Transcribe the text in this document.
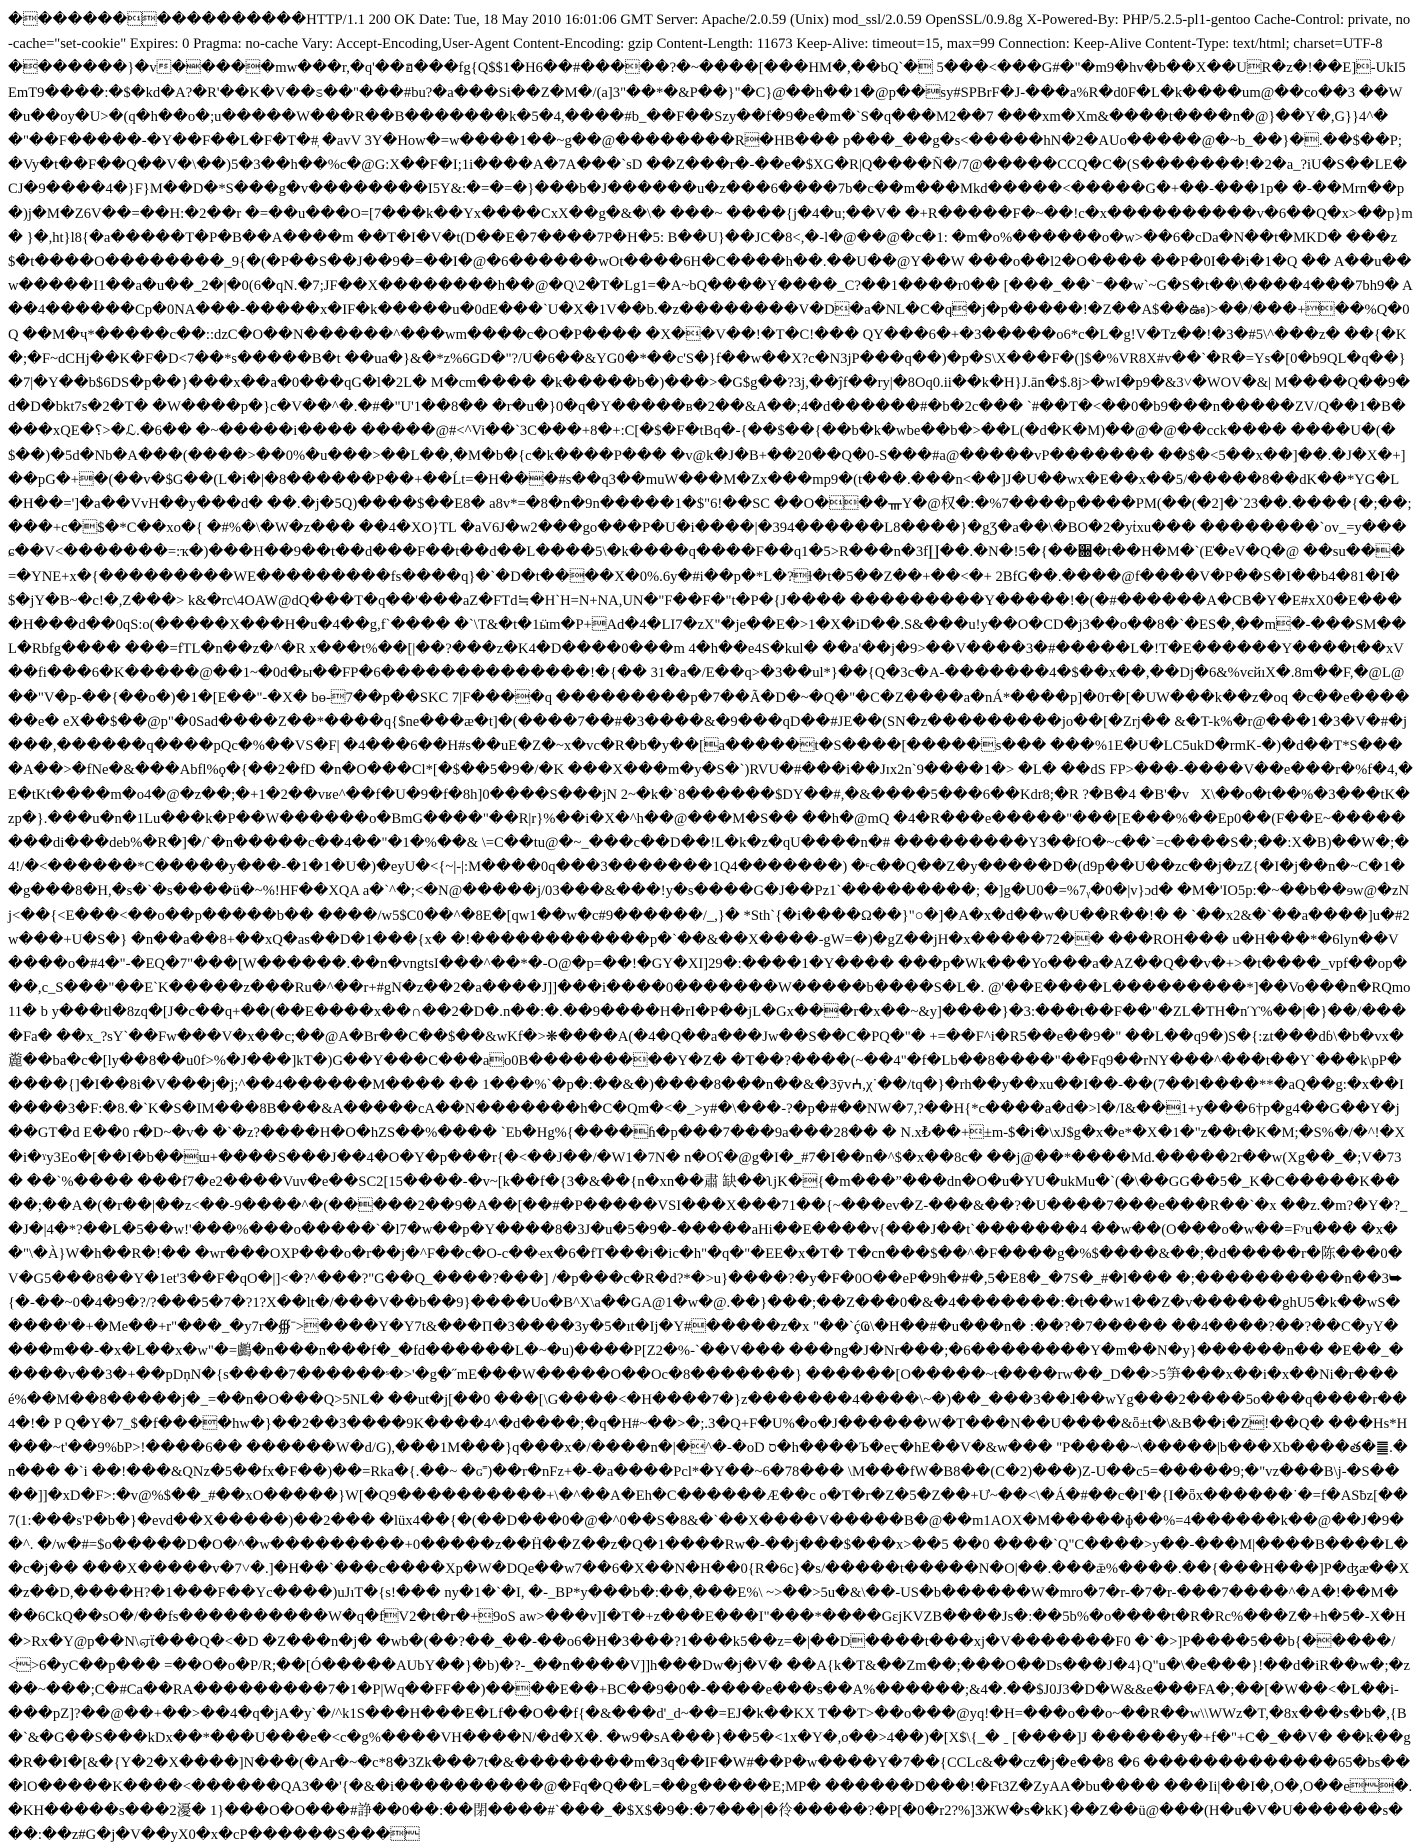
�����������������HTTP/1.1 200 OK Date: Tue, 18 May 2010 16:01:06 GMT Server: Apache/2.0.59 (Unix) mod_ssl/2.0.59 OpenSSL/0.9.8g X-Powered-By: PHP/5.2.5-pl1-gentoo Cache-Control: private, no-cache="set-cookie" Expires: 0 Pragma: no-cache Vary: Accept-Encoding,User-Agent Content-Encoding: gzip Content-Length: 11673 Keep-Alive: timeout=15, max=99 Connection: Keep-Alive Content-Type: text/html; charset=UTF-8 �������}�v�����mw���r,�q'��ฮ���fg{Q$$1�H6��#�����?�~����[���HM�,��bQ`� 5���<���G#�"�m9�hv�b��X��UR�z�!��E]-UkI5EmT9����:�$�kd�A?�R'��K�V��ಽ��"���#bu?�a���Si��Z�M�/(a]3"��*�&P��}"�C}@��h��1�@p��sy#SPBrF�J-���a%R�d0F�L�k����um@��co��3 ��W�u��oy�U>�(q�h��o�;u�����W���R��B�������k�5�4,����#b_��F��Szy��f�9�e�m�`S�q���M2��7 ���xm�Xm&����t����n�@}��Y�,G}}4^� �"��F�����-�Y��F��L�F�T�#ְ �avV 3Y�How�=w����1��~g��@��������R�HB��� p���_��g�s<�����hN�2�AUo�����@�~b_��}�.��$��P;�Vy�t��F��Q��V�\��)5�3��h��%c�@G:X��F�I;1i����A�7A���`sD ��Z���r�-��e�$XG�R|Q����Ñ�/7@�����CCQ�C�(S�������!�2�a_?iU�S��LE�CJ�9����4�}F}M��D�*S���g�v��������I5Y&:�=�=�}���b�J������u�z���6����7b�c��m���Mkd�����<�����G�+��-���1p� �-��Mrn��p�)j�M�Z6V��=��H:�2��r �=��u���O=[7���k��Yx����CxX��g�&�\� ���~ ����{j�4�u;��V� �+R�����F�~��!c�x����������v�6��Q�x>��p}m� }�,ht}l8{�a�����T�P�B��A����m ��T�I�V�t(D��E�7����7P�H�5: B��U}��JC�8<,�-l�@��@�c�1: �m�o%������o�w>��6�cDa�N��t�MKD� ���z$�t����O��������_9{�(�P��S��J��9�=��I�@�6������wOt����6H�C����h��.��U��@Y��W ���o��l2�O���� ��P�0I��i�1�Q �� A��u��w�����I1��a�u��_2�|�0(6�qN.�7;JF��X��������h��@�Q\2�T�Lg1=�A~bQ����Y����_C?��1����r0�� [���_��`⁻��w`~G�S�t��\����4���7bh9� A��4������Cp�0NA���-�����x�IF�k�����u�0dE���`U�X�1V��b.�z��������V�D�a�NL�C�q�j�p�����!�Z��A$��ఊ)>��/���+��%Q�0Q ��M�ҷ*�����c��::dzC�O��N������^���wm����c�O�P���� �X��V��!�T�C!��� QY���6�+�3�����o6*c�L�g!V�Tz��!�3�#5\^���z� ��{�K�;�F~dCHj��K�F�D<7��*s�����B�t ��ua�}&�*z%6GD�"?/U�6��&YG0�*��c'S�}f��w��X?c�N3jP���q��)�p�S\X���F�(]$�%VR8X#v��`�R�=Ys�[0�b9QL�q��}�7|�Y��b$6DS�p��}���x��a�0���qG�l�2L� M�cm���� �k�����b�)���>�G$g��?3j,��ĵf��ry|�8Oq0.ii��k�H}J.ān�$.8j>�wI�p9�&3˅�WOV�&| M����Q��9�d�D�bkt7s�2�T� �W����p�}c�V��^�.�#�"U'1��8�� �r�u�}0�q�Y�����в�2��&A��;4�d������#�b�2c��� `#��T�<��0�b9���n�����ZV/Q��1�B� ���xQE�؟>�ℒ.�6�� �~�����i���� �����@#<^Vi��`3C���+8�+:C[�$�F�tBq�-{��$��{��b�k�wbe��b�>��L(�d�K�M)��@�@��cck���� ����U�(�$��)�5d�Nb�A���(����>��0%�u���>��L��,�M�b�{c�k����P��� �v@k�J�B+��20��Q�0-S���#a@�����vP������� ��$�<5��x��]��.�J�X�+]��pG�+�(��v�$G��(L�i�|�8������P��+��Ĺt=�H���#s��q3��muW���M�Zx���mp9�(t���.���n<��]J�U��wx�E��x��5/�����8��dK��*YG�L�H��=']�a��VvH��y���d� ��.�j�5Q)����$��E8� a8v*=�8�n�9n�����1�$"6!��SC ��O���ᚃY�@权�:�%7����p����PM(��(�2]�`23��.����{�;��;���+c�$�*C��xo�{ �#%�\�W�z��� ��4�XO}TL �aV6J�w2���go���P�U�i����|�394������L8����}�gƷ�a��\�BO�2�yṫxu��� ��������`ov_=y���ɕ��V<�������=:ҡ�)���H��9��t��d���F��t��d��L����5\�k����q����F��q1�5>R���n�3f∐��.�N�!5�{��਀�t��H�M�`(E̍�eV�Q�@ ��su���=�YNE+x�{���������WE���������fs����q}�`�D�t����X�0%.6y�#i��p�*L�?ͦɫ�t�5��Z��+��<�+ 2BfG��.����@f����V�P��S�I��b4�81�I�$�jY�B~�c!�,Z���> k&�rc\4OAW@dQ���T�q��'���aZ�FTd≒�H`H=N+NA,UN�"F��F�"t�P�{J���� ���������Y�����!�(�#������A�CB�Y�E#xX0�E����H���d��0qS:o(�����X���H�u�4��g,f`���� �`\T&�t�1ӹm�P+Ad�4�LI7�zX"�je��E�>1�X�iD��.S&���u!y��O�CD�j3��o��8�`�ES�,��m�-���SM��L�Rbfg���� ���=fTL�n��z�^�R x���t%��[|��?���z�K4�D����0���m 4�h��e4S�kul� ��a'��j�9>��V����3�#�����L�!T�E������Y����t��xV��fi���6�K�����@��1~�0d�ы��FP�6��������������!�{�� 31�a�/E��q>�3��ul*}��{Q�3c�A-�������4�$��x��,��Dj�6&%vєйıX�.8m��F,�@L@��"V�p-��{��o�)�1�[E��"-�X� bɵ-7��p��SKC 7|F����q ���������p�7��Ã�D�~�Q�"�C�Z����a�nÁ*����p]�0ᴛ�[�UW���k��z�oq �c��e������e� eX��$��@p"�0Sad����Z��*����q{$ne���æ�t]�(����7��#�3����&�9���qD��#JE��(SN�z���������jo��[�Zrj�� &�T-k%�r@���1�3�V�#�j���,������q����pQc�%��VS�F| �4���6��H#s��uE�Z�~x�vc�R�b�y��[a�����t�S����[�����s��� ���%1E�U�LC5ukD�rmK-�)�d��T*S����A��>�fNe�&���Abfl%ϙ�{��2�fD �n�O���Cl*[�$��5�9�/�K ���X���m�y�S�`)RVU�#���i��Jɪx2n`9����1�> �L� ��dS FP>���-����V��e���r�%f�4,�E�tKt����m�o4�@�z��;�+1�2��vʁe^��f�U�9�f�8h]0����S���jN 2~�k�`8������$DY��#,�&����5���6��Kdr8;�R ?�B�4 �B'�vᷰX\��o�t��%�3���tK�zp�}.���u�n�1Lu���k�P��W������o�BmG����"��R|r}%��i�X�^h��@���M�S�� ��h�@mQ �4�R���e�����"���[E���%��Ep0��(F��E~��������di���deb%�R�]�/`�n�����c��4��"�1�%��& \=Ϲ��tu@�~_���c��D��!L�k�z�qU����n�# ���������Y3��fO�~c��`=c����S�;��:X�B)��W�;�4!/�<������*C�����y���-�1�1�U�)�eyU�<{~|-|:M����0q���3�������1Q4�������) �ᶝc��Q��Z�y�����D�(d9p��U��zc��j�ᴢZ{�I�j��n�~C�1��g���8�H,�s�`�s����ü�~%!HF��XQA a�`^�;<�N@�����j/03���&���!y�s����G�J��Pz1`���������; �]g�U0�=%7ᵧ�0�|v}ɔd� �M�'IO5p:�~��b��ɘw@�zNj<��{<E���<��o��p�����b�� ����/w5$C0��^�8E�[qw1��w�c#9������/_,}� *Sth`{�i����Ω��}"○�]�A�x�d��w�U��R��!� � `��x2&�`��a����]u�#2w���+U�S�} �n��a��8+��xQ�as��D�1���{x� �!������������p�`��&��X����-gW=�)�gZ��jH�x�����72�� ���ROH��� u�H���*�6lyn��V����o�#4�"-�EQ�7"���[W������.��n�vngtsI���^��*�-O@�p=��!�GY�XI]29�:����1�Y���� ���p�Wk���Yo���a�AZ��Q��v�+>�t����_vpf��op���,c_S���"��E`K�����z���Ru�^��r+#gN�z��2�a����J]]���i����0�������W�����b����S�L�. @'��E����L���������*]��Vo���n�RQmo11� b y���tl�8zq�[J�c��q+��(��E����x��∩��2�D�.n��:�.��9����H�rI�P��jL�Gx���r�x��~&y]����}�3:���t��F��"�ZL�TH�nϓ%��|�}��/����Fa� ��x_?sY`��Fw���V�x��c;��@A�Br��C��$��&wKf�>❋����A(�4�Q��a���Jw��S��C�PQ�"� +=��F^i�R5��e��9�" ��L��q9�)S�{:ʑt���dɓ\�b�vx�麊��ba�c�[ly��8��u0f>%�J���]kT�)G��Y���C���ao0B���������Y�Z� �T��?����(~��4"�f�Lb��8����"��Fq9��rNY���^���t��Y`���k\pP�����{]�I��8i�V���j�j;^��4������M���� �� 1���%`�p�:��&�)����8���n��&�3ȳvⵄ,χ˙��/tq�}�rh��y��xu��I��-��(7��l����**�aQ��g:�x��I����3�F:�8.�`K�S�IM���8B���&A�����cA��N�������h�C�Qm�<�_>y#�\���-?�p�#��NW�7,?��H{*c����a�d�>l�/I&��1+y���6†p�g4��G��Y�j��GT�d E��0 r�D~�v� �`�z?����H�O�hZS��%���� `Eb�Hg%{����ɦ�p���7���9a���28�� � N.x₺��+±m-$�i�\xJ$g�x�e*�X�1�"z��t�K�M;�S%�/�^!�X�i�ˠy3Eo�[��I�b��ɯ+����S���J��4�O�Y�p���r{�<��J��/�W1�7N� n�Oʕ�@g�I�_#7�I��n�^$�x��8c� ��j@��*����Md.�����2r��w(Xg��_�;V�73� ��`%���� ���f7�e2����Vuv�e��SC2[15����-�v~[k��f�{3�&��{n�xn��肅 缺��ʅjK�{�m���ˮ���dn�O�u�YU�ukMu�`(�\��GG��5�_K�C�����K�� ��;��A�(�r��|��z<��-9����^�(�����2��9�A��[��#�P�����VSI���X���71��{~���ev�Z-���&��?�U����7���e���R��`�x ��z.�m?�Y�?_�J�|4�*?��L�5��w!'���%���o�����`�l7�w��p�Y����8�3J�u�5�9�-�����aHi��E����v{���J��t`�������4 ��w��(O���o�w��=Fʸu��� �x��"\�À}W�h��R�!�� �wr���OXP���o�r��j�^F��c�O-c��ҽx�6�fT���i�ic�h"�q�"�EE�x�T� T�cn���$��^�F����g�%$����&��;�d�����r�陈���0�V�G5���8��Y�1et'3��F�qO�|]<�?^���?"G��Q_����?���] /�p���c�R�d?*�>u}����?�y�F�0O��eP�9h�#�,5�E8�_�7S�_#�l��� �;����������n��3⮩{�-��~0�4�9�?/?���5�7�?1?X��lt�/���V��b��9}����Uo�B^X\a��GA@1�w�@.��}���;��Z���0�&�4�������:�t��w1��Z�v������ghU5�k��wS�����'�+�Me��+r"���_�y7r�∰ˉ>����Y�Y7t&���П�3����3y�5�ıt�Ij�Y#�����z�x "��`ḉҨ\�H��#�u���n� :��?�7����� ��4����?��?��C�yY����m��-�x�L��x�w"�=鸕�n���n���f�_�fd������L�~�u)����P[Z2�%-`��V��� ���ng�J�Nr���;�6��������Y�m��N�y}������n�� �E��_�����v��3�+��pDņN�{s����7������ˢ�>'�g�˝mE���W�����O��Oc�8�������} ������[O�����~t����rw��_D��>5笋���x��i�x��Ni�r���é%��M��8�����j�_=��n�O���Q>5NL� ��ut�j[��0 ���[\G����<�H����7�}z�������4����\~�)��_���3��ɺ��wYg���2����5o���q����r��4�!� P Q�Y�7_$�f����hw�}��2��3����9K����4^�d����;�q�H#~��>�;.3�Q+F�U%�o�J������W�T���N��U����&ȫ±t�\&B��i�Z!��Q� ���Hs*H���~t'��9%bP>!����6�� ������W�d/G),���1M���}q���x�/����n�|�^�-�oD ס�h����Ъ�eᠸ�hE��V�&w��� "P����~\�����|b���Xb����త�䷀.�n��� �`i ��!���&QNz�5��fx�F��)��=Rka�{.��~ �ɢ˭)��r�nFz+�-�a����Pcl*�Y��~6�78��� \M���fW�B8��(C�2)���)Z-U��c5=�����9;�"vz���B\j-�S����]]�xD�F>:�v@%$��_#��xO�����}W[�Q9����������+\�^��A�Eh�C������Æ��c o�T�r�Z�5�Z��+Ư~��<\�Á�#��c�I'�{I�ȫx������˙�=f�ASƀz[��7(1:���s'P�b�}�evd��X�����)��2��� �lüx4��{�(��D���0�@�^0��S�8&�`��X����V�����B�@��m1AOX�M�����ɸ��%=4������k��@��J�9��^. �/w�#=$o�����D�O�^�w���������+0�����z��Ḧ��Z��z�Q�1����Rw�-��j���$���x>��5 ��0 ����`Q"C����>y��-���M|����B����L��c�j�� ���X�����v�7˅�.]�H��`���c����Xp�W�DQe��w7��6�X��N�H��0{R�6c}�s/�����t�����N�O|��.���ǣ%����.��{���H���]P�ʤæ��X�z��D,����H?�1���F��Yc����)uJıT�{s!��� ny�1�`�I, �-_BP*y���b�:��,���E%\ ~>��>5u�&\��-US�b������W�mro�7�r-�7�r-���7����^�A�!��M���6CkQ��sO�/��fs����������W�q�fV2�t�r�+9oS aw>���v]I�T�+z���E���I"���*����GɛjKVZB����Js�:��5b%�o����t�R�Rc%���Z�+h�5�-X�H�>Rx�Y@p��N\ஏẗ���Q�<�D �Z���n�j� �wb�(��?��_��-��o6�H�3���?1���k5��z=�|��D����t���xj�V�������F0 �`�>]P����5��b{�����/< >6�yC��p��� =��O�o�P/R;��[Ó�����AUbY��}�b)�?-_��n����V]]h���Dw�j�V� ��A{k�T&��Zm��;���O��Ds���J�4}Q"u�\�e���}!��d�iR��w�;�z��~���;C�#Ca��RA���������7�1�P|Wq��FF��)����E��+BC��9�0�-����e���s��A%������;&4�.��$J0J3�D�W&&e���FA�;��[�W��<�L��i-���pZ]?��@��+��>��4�q�jA�y`�/^k1S���H���E�Lf��O��f{�&���d'_d~��=EJ�k��KX T��T>��o���@yq!�H=���o��o~��R��w\\WWz�T,�8x���s�b�,{B�`&�G��S���kDx��*���U���e�<c�g%����VH����N/�d�X�. �w9�sA���}��5�<1x�Y�,o��>4��)�[X$\{_� ˍ [����]J ������y�+f�"+C�_��V� ��k��g�R��I�[&�{Y�2�X����]N���(�Ar�~�c*8�3Zk���7t�&��������m�3q��IF�W#��P�w����Y�7��{CCLc&��cz�j�e��8 �6 �������������65�bs���lO�����K����<������QA3��'{�&�i����������@�Fq�Q��L=��g�����E;MP� ������D���!�Ft3Z�ZyAA�bu���� ���Ii|��I�,O�,O��e �.�KH�����s���2瀀� 1}���O�O���#諍��0��:��閉����#`���_�$X$�9�:�7���|�彾�����?�P[�0�r2?%]3ЖW�s�kK}��Z��ü@���(H�u�V�U������s���:��z#G�j�V��yX0�x�cP������S��� 
